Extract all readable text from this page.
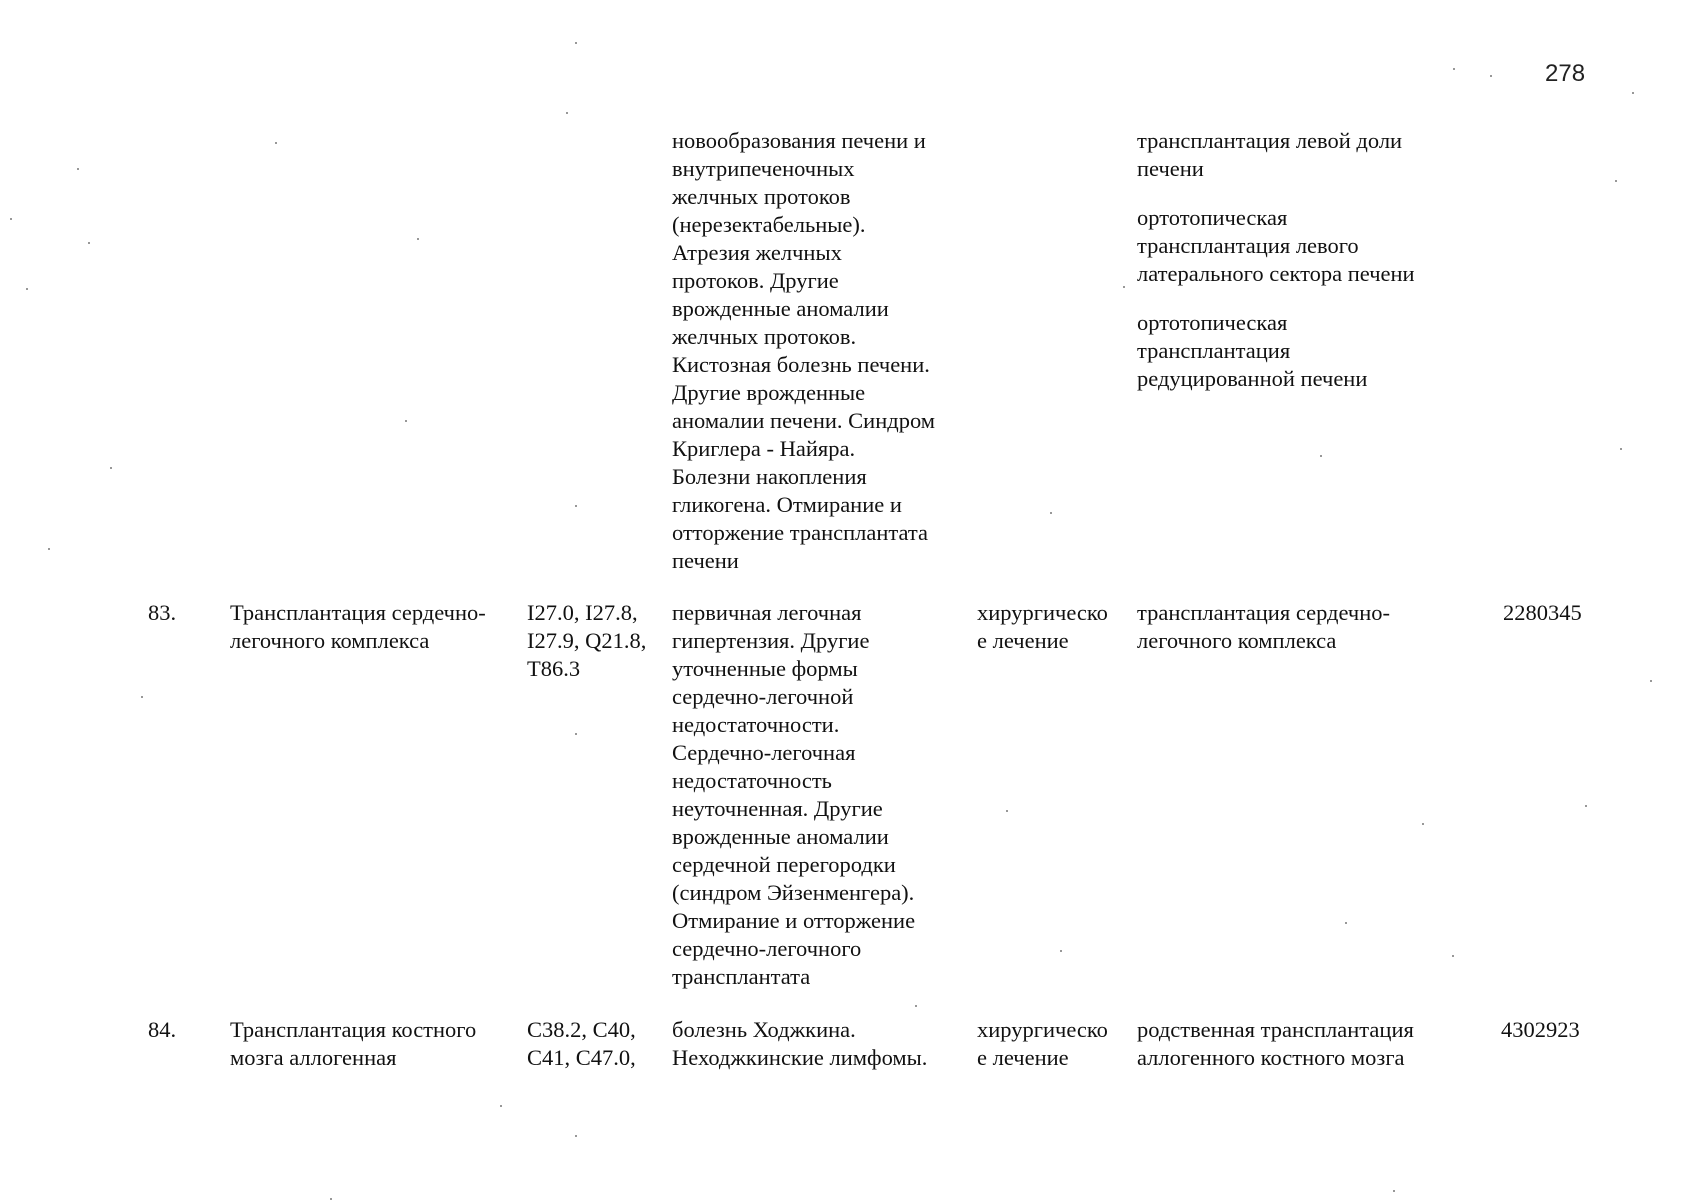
278
новообразования печени и
внутрипеченочных
желчных протоков
(нерезектабельные).
Атрезия желчных
протоков. Другие
врожденные аномалии
желчных протоков.
Кистозная болезнь печени.
Другие врожденные
аномалии печени. Синдром
Криглера - Найяра.
Болезни накопления
гликогена. Отмирание и
отторжение трансплантата
печени
трансплантация левой доли
печени
ортотопическая
трансплантация левого
латерального сектора печени
ортотопическая
трансплантация
редуцированной печени
83. Трансплантация сердечно-
легочного комплекса
I27.0, I27.8,
I27.9, Q21.8,
T86.3
первичная легочная
гипертензия. Другие
уточненные формы
сердечно-легочной
недостаточности.
Сердечно-легочная
недостаточность
неуточненная. Другие
врожденные аномалии
сердечной перегородки
(синдром Эйзенменгера).
Отмирание и отторжение
сердечно-легочного
трансплантата
хирургическо
е лечение
трансплантация сердечно-
легочного комплекса
2280345
84. Трансплантация костного
мозга аллогенная
C38.2, C40,
C41, C47.0,
болезнь Ходжкина.
Неходжкинские лимфомы.
хирургическо
е лечение
родственная трансплантация
аллогенного костного мозга
4302923
